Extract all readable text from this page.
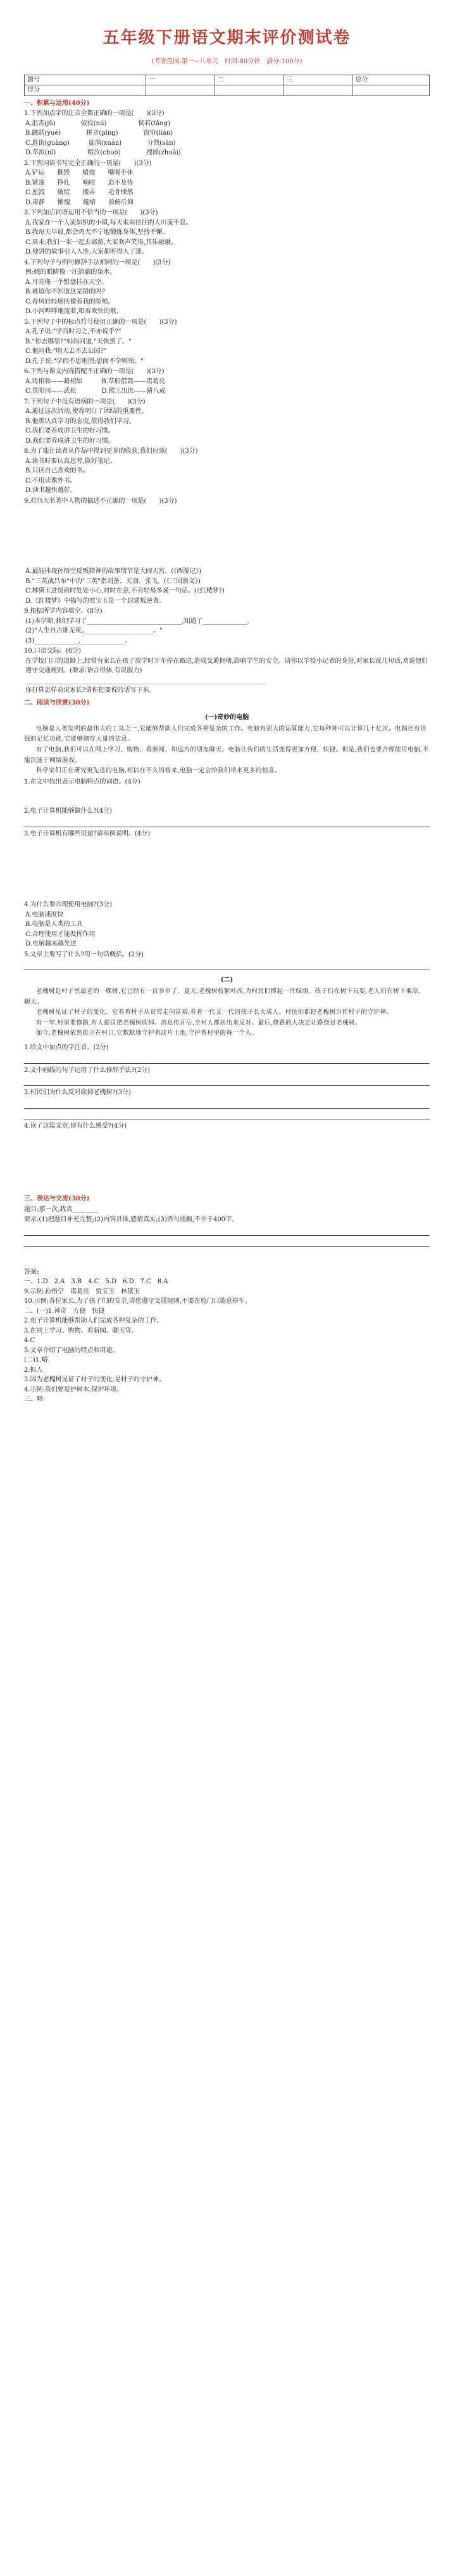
五年级下册语文期末评价测试卷
(考查范围:第一~八单元　时间:80分钟　满分:100分)
题号	一	二	三	总分
得分				
一、积累与运用(40分)
1.下列加点字的注音全都正确的一项是(　　)(3分)
A.沮丧(jǔ)　　　　奴役(nú)　　　　　倘若(tǎng)
B.跳跃(yuè)　　　　拼音(pīng)　　　　窗帘(lián)
C.逛街(guàng)　　　旋涡(xuán)　　　　分散(sàn)
D.草拟(nǐ)　　　　　啜泣(chuò)　　　　拽掉(zhuài)
2.下列词语书写完全正确的一项是(　　)(3分)
A.铲运　　撕毁　　蜡烛　　嘴喝不休
B.紧凑　　挣扎　　嘀咕　　迫不及待
C.逆流　　破绽　　搬弄　　毛骨悚然
D.肃静　　惭愧　　蜷缩　　前俯后仰
3.下列加点词语运用不恰当的一项是(　　)(3分)
A.我家在一个人流如织的小镇,每天来来往往的人川流不息。
B.我每天早晨,都会鸡犬不宁地锻炼身体,坚持不懈。
C.周末,我们一家一起去郊游,大家欢声笑语,其乐融融。
D.他讲的故事引人入胜,大家都听得入了迷。
4.下列句子与例句修辞手法相同的一项是(　　)(3分)
例:她的眼睛像一汪清澈的泉水。
A.月亮像一个银盘挂在天空。
B.难道你不知道这是错的吗?
C.春风轻轻地抚摸着我的脸颊。
D.小河哗哗地流着,唱着欢快的歌。
5.下列句子中的标点符号使用正确的一项是(　　)(3分)
A.孔子说:"学而时习之,不亦说乎?"
B."你去哪里?"妈妈问道,"天快黑了。"
C.他问我:"明天去不去公园?"
D.孔子说:"学而不思则罔;思而不学则殆。"
6.下列与课文内容搭配不正确的一项是(　　)(3分)
A.将相和——蔺相如　　　B.草船借箭——诸葛亮
C.景阳冈——武松　　　　D.猴王出世——猪八戒
7.下列句子中没有语病的一项是(　　)(3分)
A.通过这次活动,使我明白了团结的重要性。
B.他那认真学习的态度,值得我们学习。
C.我们要养成讲卫生的好习惯。
D.我们要养成讲卫生的好习惯。
8.为了能让读者从作品中得到更多的收获,我们应该(　　)(3分)
A.读书时要认真思考,做好笔记。
B.只读自己喜欢的书。
C.不用读课外书。
D.读书越快越好。
9.对四大名著中人物的描述不正确的一项是(　　)(3分)
A.最能体现孙悟空反叛精神的故事情节是大闹天宫。(《西游记》)
B."三英战吕布"中的"三英"指刘备、关羽、张飞。(《三国演义》)
C.林黛玉进贾府时处处小心,时时在意,不肯轻易多说一句话。(《红楼梦》)
D.《红楼梦》中描写的贾宝玉是一个封建叛逆者。
9.根据所学内容填空。(8分)
(1)本学期,我们学习了______________________________,知道了______________。
(2)"人生自古谁无死,______________________。"
(3)______________,______________。
10.口语交际。(6分)
在学校门口的道路上,经常有家长在孩子放学时开车停在路边,造成交通拥堵,影响学生的安全。请你以学校小记者的身份,对家长说几句话,劝说他们遵守交通规则。(要求:语言得体,有说服力)
____________________________________________________________________________
你打算怎样劝说家长?请你把要说的话写下来。
二、阅读与欣赏(30分)
(一)奇妙的电脑
电脑是人类发明的最伟大的工具之一,它能够帮助人们完成各种复杂的工作。电脑有强大的运算能力,它每秒钟可以计算几十亿次。电脑还有很强的记忆功能,它能够储存大量的信息。
有了电脑,我们可以在网上学习、购物、看新闻、和远方的朋友聊天。电脑让我们的生活变得更加方便、快捷。但是,我们也要合理使用电脑,不能沉迷于网络游戏。
科学家们正在研究更先进的电脑,相信在不久的将来,电脑一定会给我们带来更多的惊喜。
1.在文中找出表示电脑特点的词语。(4分)
2.电子计算机能够做什么?(4分)
3.电子计算机有哪些用途?请举例说明。(4分)
4.为什么要合理使用电脑?(3分)
A.电脑速度快
B.电脑是人类的工具
C.合理使用才能发挥作用
D.电脑越来越先进
5.文章主要写了什么?用一句话概括。(2分)
(二)
老槐树是村子里最老的一棵树,它已经有一百多岁了。夏天,老槐树枝繁叶茂,为村民们撑起一片绿荫。孩子们在树下玩耍,老人们在树下乘凉、聊天。
老槐树见证了村子的变化。它看着村子从贫穷走向富裕,看着一代又一代的孩子长大成人。村民们都把老槐树当作村子的守护神。
有一年,村里要修路,有人提议把老槐树砍掉。消息传开后,全村人都站出来反对。最后,修路的人决定让路绕过老槐树。
如今,老槐树依然挺立在村口,它默默地守护着这片土地,守护着村里的每一个人。
1.给文中加点的字注音。(2分)
2.文中画线的句子运用了什么修辞手法?(2分)
3.村民们为什么反对砍掉老槐树?(3分)
4.读了这篇文章,你有什么感受?(4分)
三、表达与交流(30分)
题目:那一次,我真________
要求:(1)把题目补充完整;(2)内容具体,感情真实;(3)语句通顺,不少于400字。
答案:
一、1.D　2.A　3.B　4.C　5.D　6.D　7.C　8.A
9.示例:孙悟空　诸葛亮　贾宝玉　林黛玉
10.示例:各位家长,为了孩子们的安全,请您遵守交通规则,不要在校门口随意停车。
二、(一)1.神奇　方便　快捷
2.电子计算机能够帮助人们完成各种复杂的工作。
3.在网上学习、购物、看新闻、聊天等。
4.C
5.文章介绍了电脑的特点和用途。
(二)1.略
2.拟人
3.因为老槐树见证了村子的变化,是村子的守护神。
4.示例:我们要爱护树木,保护环境。
三、略
